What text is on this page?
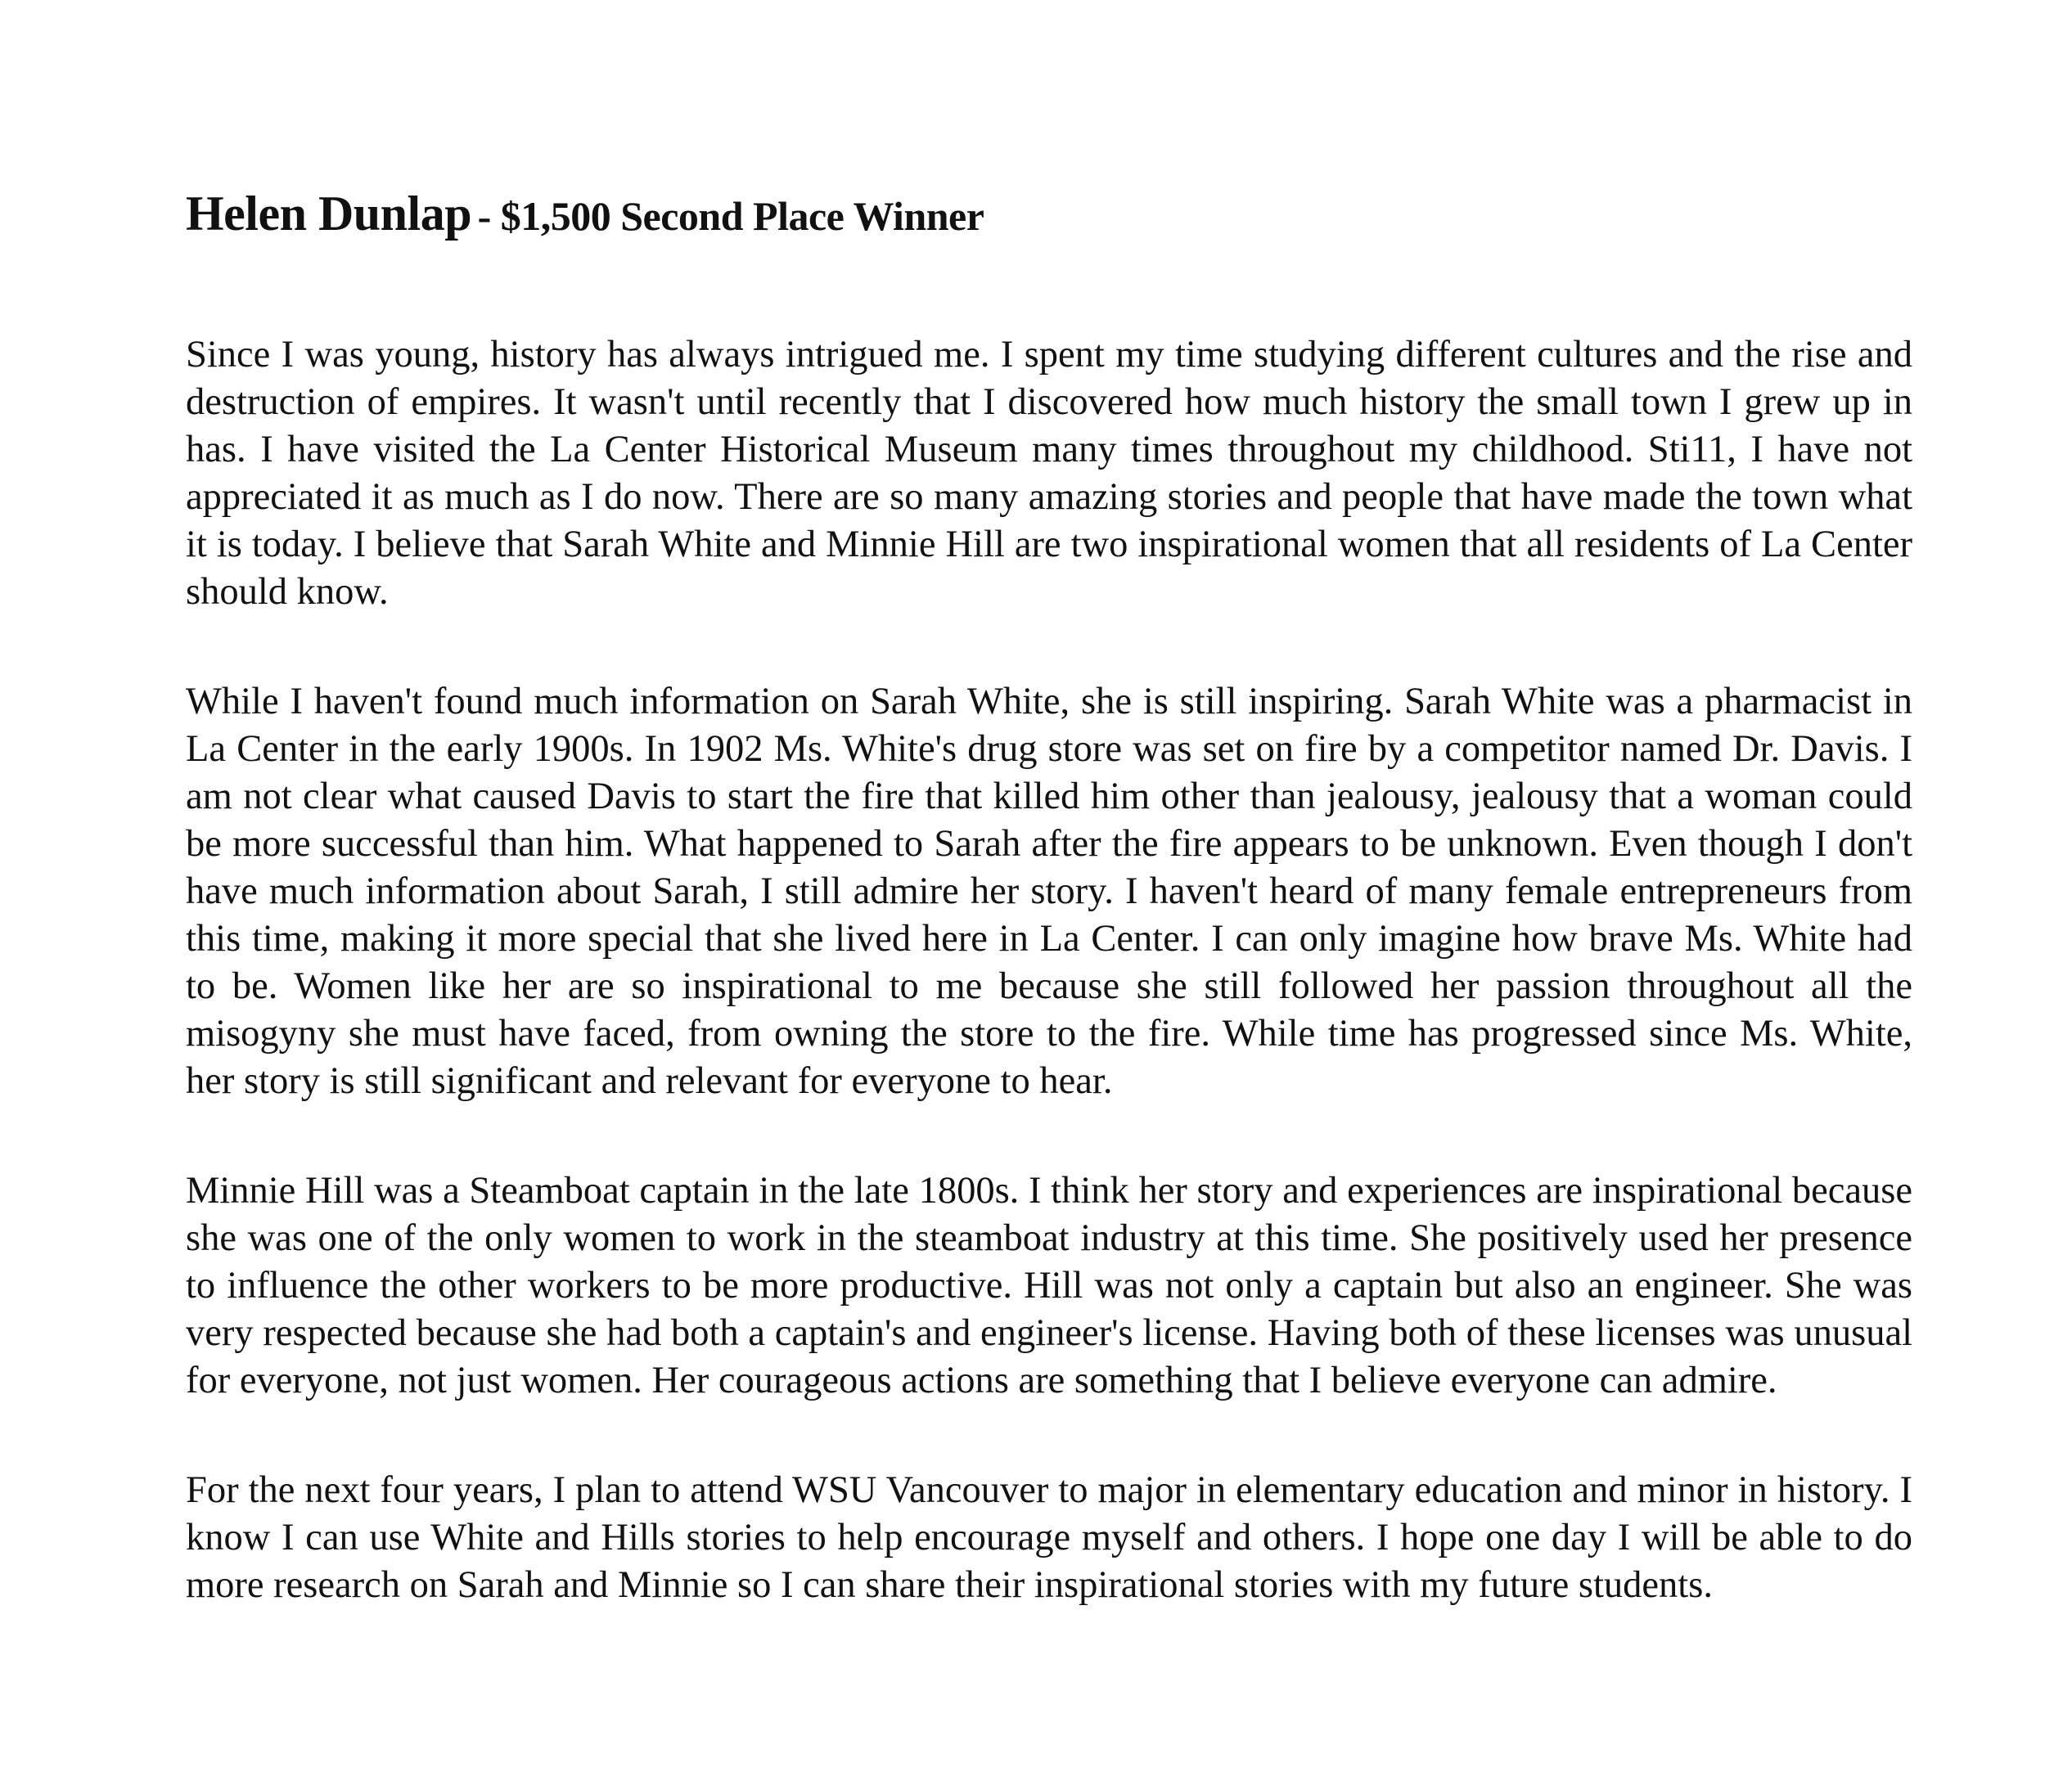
Helen Dunlap - $1,500 Second Place Winner

Since I was young, history has always intrigued me. I spent my time studying different cultures and the rise and destruction of empires. It wasn't until recently that I discovered how much history the small town I grew up in has. I have visited the La Center Historical Museum many times throughout my childhood. Sti11, I have not appreciated it as much as I do now. There are so many amazing stories and people that have made the town what it is today. I believe that Sarah White and Minnie Hill are two inspirational women that all residents of La Center should know.

While I haven't found much information on Sarah White, she is still inspiring. Sarah White was a pharmacist in La Center in the early 1900s. In 1902 Ms. White's drug store was set on fire by a competitor named Dr. Davis. I am not clear what caused Davis to start the fire that killed him other than jealousy, jealousy that a woman could be more successful than him. What happened to Sarah after the fire appears to be unknown. Even though I don't have much information about Sarah, I still admire her story. I haven't heard of many female entrepreneurs from this time, making it more special that she lived here in La Center. I can only imagine how brave Ms. White had to be. Women like her are so inspirational to me because she still followed her passion throughout all the misogyny she must have faced, from owning the store to the fire. While time has progressed since Ms. White, her story is still significant and relevant for everyone to hear.

Minnie Hill was a Steamboat captain in the late 1800s. I think her story and experiences are inspirational because she was one of the only women to work in the steamboat industry at this time. She positively used her presence to influence the other workers to be more productive. Hill was not only a captain but also an engineer. She was very respected because she had both a captain's and engineer's license. Having both of these licenses was unusual for everyone, not just women. Her courageous actions are something that I believe everyone can admire.

For the next four years, I plan to attend WSU Vancouver to major in elementary education and minor in history. I know I can use White and Hills stories to help encourage myself and others. I hope one day I will be able to do more research on Sarah and Minnie so I can share their inspirational stories with my future students.
